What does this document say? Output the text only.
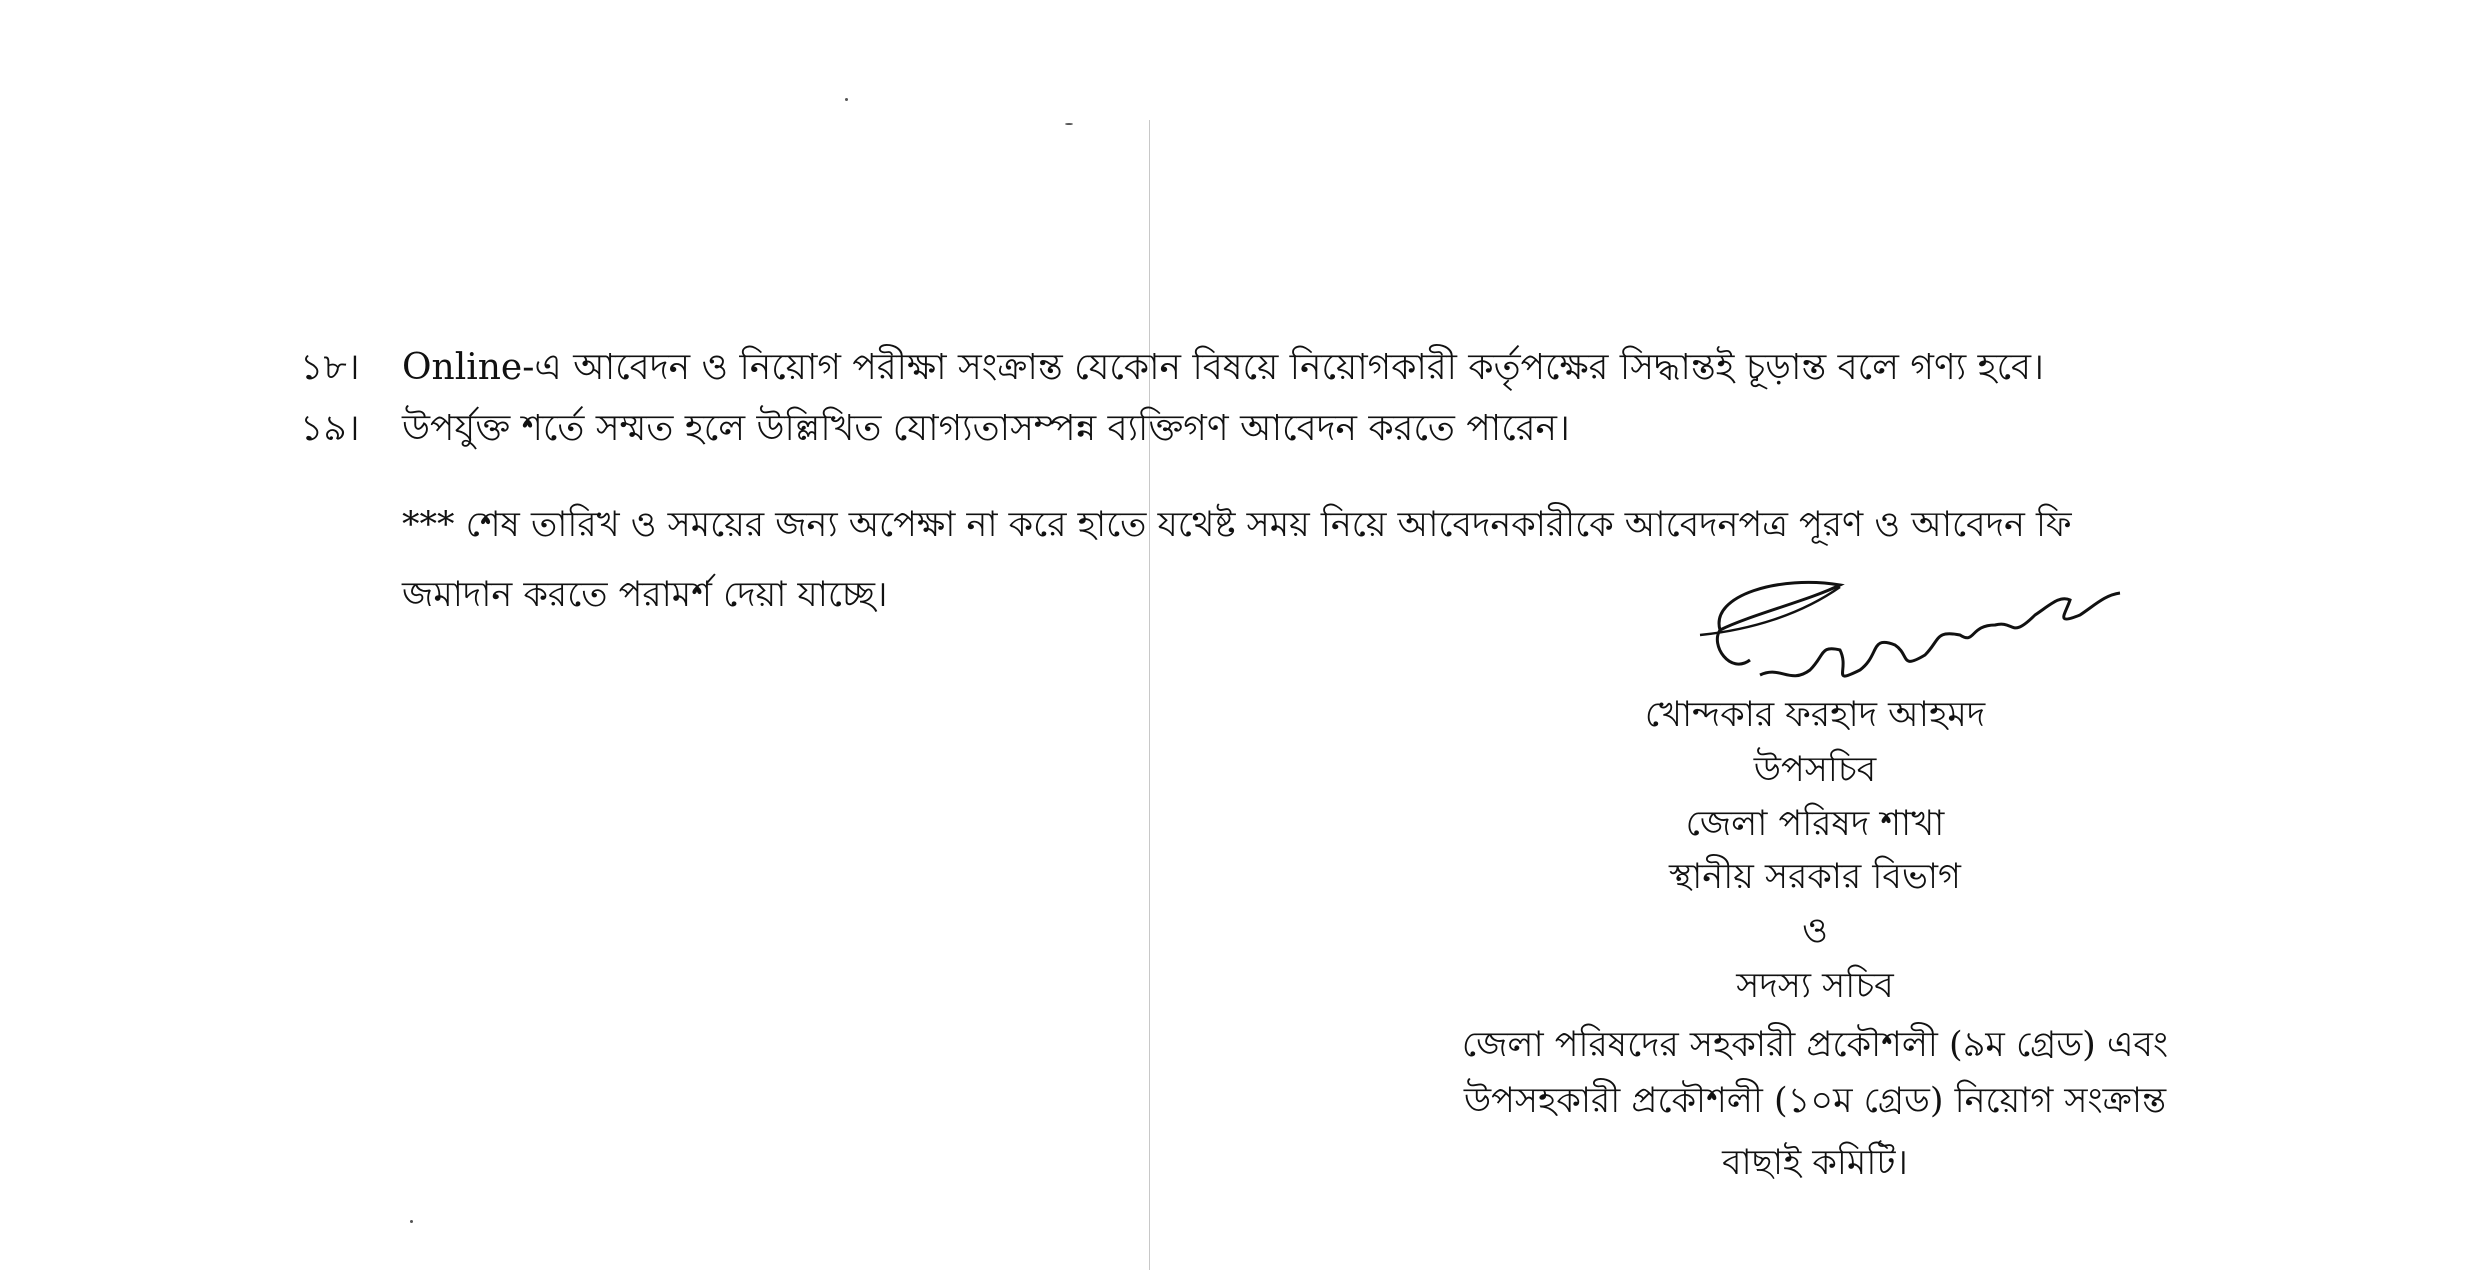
১৮। Online-এ আবেদন ও নিয়োগ পরীক্ষা সংক্রান্ত যেকোন বিষয়ে নিয়োগকারী কর্তৃপক্ষের সিদ্ধান্তই চূড়ান্ত বলে গণ্য হবে।
১৯। উপর্যুক্ত শর্তে সম্মত হলে উল্লিখিত যোগ্যতাসম্পন্ন ব্যক্তিগণ আবেদন করতে পারেন।
*** শেষ তারিখ ও সময়ের জন্য অপেক্ষা না করে হাতে যথেষ্ট সময় নিয়ে আবেদনকারীকে আবেদনপত্র পূরণ ও আবেদন ফি
জমাদান করতে পরামর্শ দেয়া যাচ্ছে।
খোন্দকার ফরহাদ আহমদ
উপসচিব
জেলা পরিষদ শাখা
স্থানীয় সরকার বিভাগ
ও
সদস্য সচিব
জেলা পরিষদের সহকারী প্রকৌশলী (৯ম গ্রেড) এবং
উপসহকারী প্রকৌশলী (১০ম গ্রেড) নিয়োগ সংক্রান্ত
বাছাই কমিটি।
